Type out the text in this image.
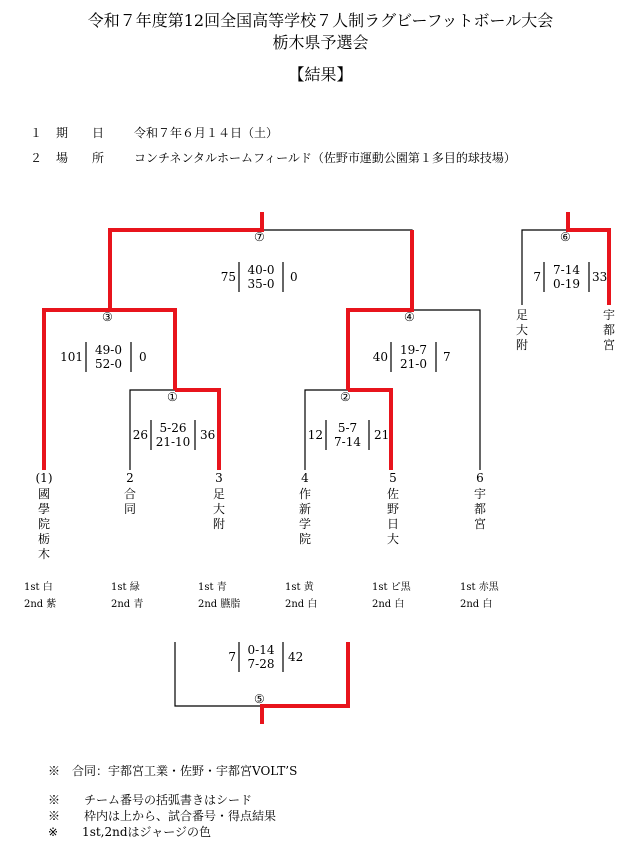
令和７年度第12回全国高等学校７人制ラグビーフットボール大会
栃木県予選会
【結果】
１ 期　　日 令和７年６月１４日（土）
２ 場　　所 コンチネンタルホームフィールド（佐野市運動公園第１多目的球技場）
⑦
③	④
①	②
⑥
⑤
75 40-0
35-0	0
101	49-0
52-0	0	40	19-7
21-0	7
26 5-26
21-10 36	12	5-7
7-14	21
7	7-14
0-19	33
7 0-14
7-28	42
足
大
附
宇
都
宮
(1)
國
學
院
栃
木
2
合
同
3
足
大
附
4
作
新
学
院
5
佐
野
日
大
6
宇
都
宮
1st 白
2nd 紫
1st 緑
2nd 青
1st 青
2nd 臙脂
1st 黄
2nd 白
1st ピ黒
2nd 白
1st 赤黒
2nd 白
※　合同：宇都宮工業・佐野・宇都宮VOLT’S
※　　チーム番号の括弧書きはシード
※　　枠内は上から、試合番号・得点結果
※　　1st,2ndはジャージの色
